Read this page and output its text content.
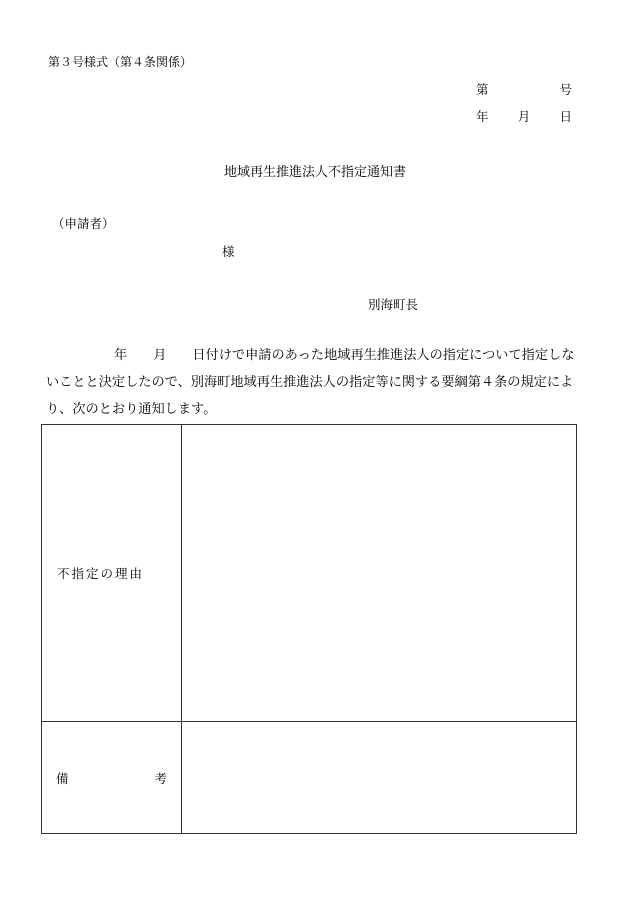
第３号様式（第４条関係）
第	号
年 月 日
地域再生推進法人不指定通知書
（申請者）
様
別海町長
年 月 日付けで申請のあった地域再生推進法人の指定について指定しな
いことと決定したので、別海町地域再生推進法人の指定等に関する要綱第４条の規定によ
り、次のとおり通知します。
不指定の理由	

備 考	
